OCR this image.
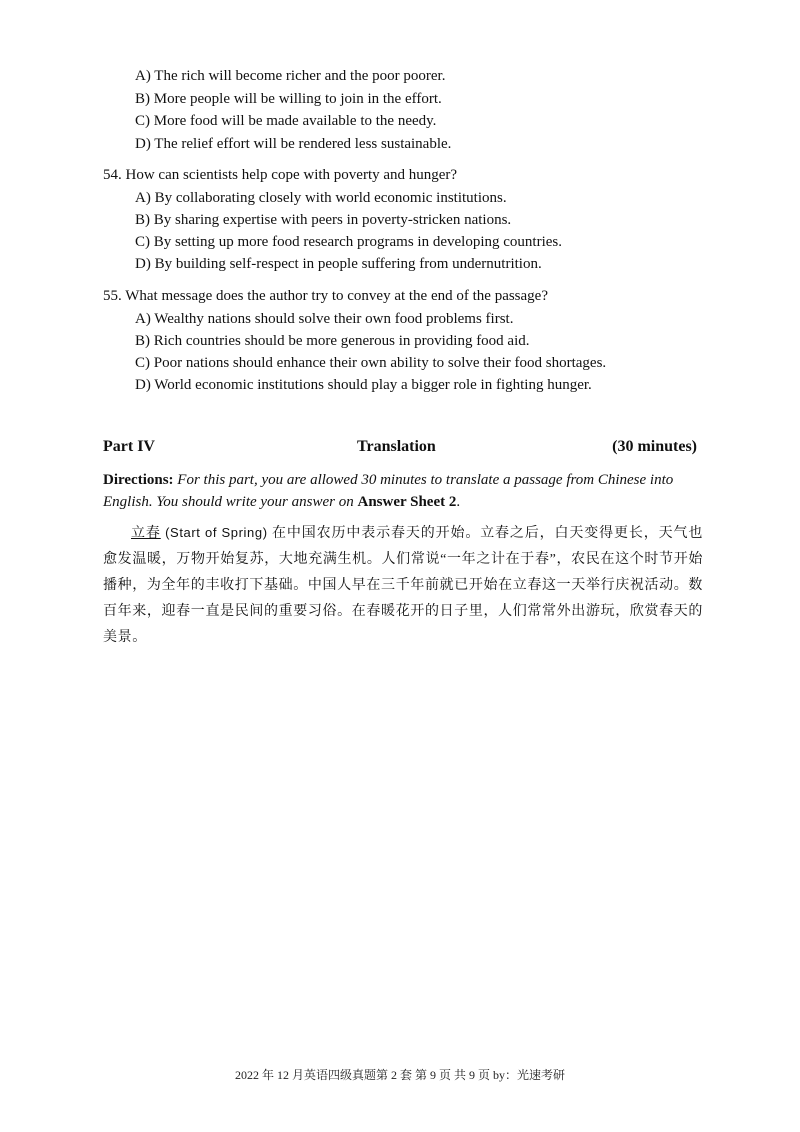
A) The rich will become richer and the poor poorer.
B) More people will be willing to join in the effort.
C) More food will be made available to the needy.
D) The relief effort will be rendered less sustainable.
54. How can scientists help cope with poverty and hunger?
A) By collaborating closely with world economic institutions.
B) By sharing expertise with peers in poverty-stricken nations.
C) By setting up more food research programs in developing countries.
D) By building self-respect in people suffering from undernutrition.
55. What message does the author try to convey at the end of the passage?
A) Wealthy nations should solve their own food problems first.
B) Rich countries should be more generous in providing food aid.
C) Poor nations should enhance their own ability to solve their food shortages.
D) World economic institutions should play a bigger role in fighting hunger.
Part IV	Translation	(30 minutes)
Directions: For this part, you are allowed 30 minutes to translate a passage from Chinese into English. You should write your answer on Answer Sheet 2.
立春 (Start of Spring) 在中国农历中表示春天的开始。立春之后，白天变得更长，天气也愈发温暖，万物开始复苏，大地充满生机。人们常说“一年之计在于春”，农民在这个时节开始播种，为全年的丰收打下基础。中国人早在三千年前就已开始在立春这一天举行庆祝活动。数百年来，迎春一直是民间的重要习俗。在春暖花开的日子里，人们常常外出游玩，欣赏春天的美景。
2022 年 12 月英语四级真题第 2 套 第 9 页 共 9 页 by：光速考研
